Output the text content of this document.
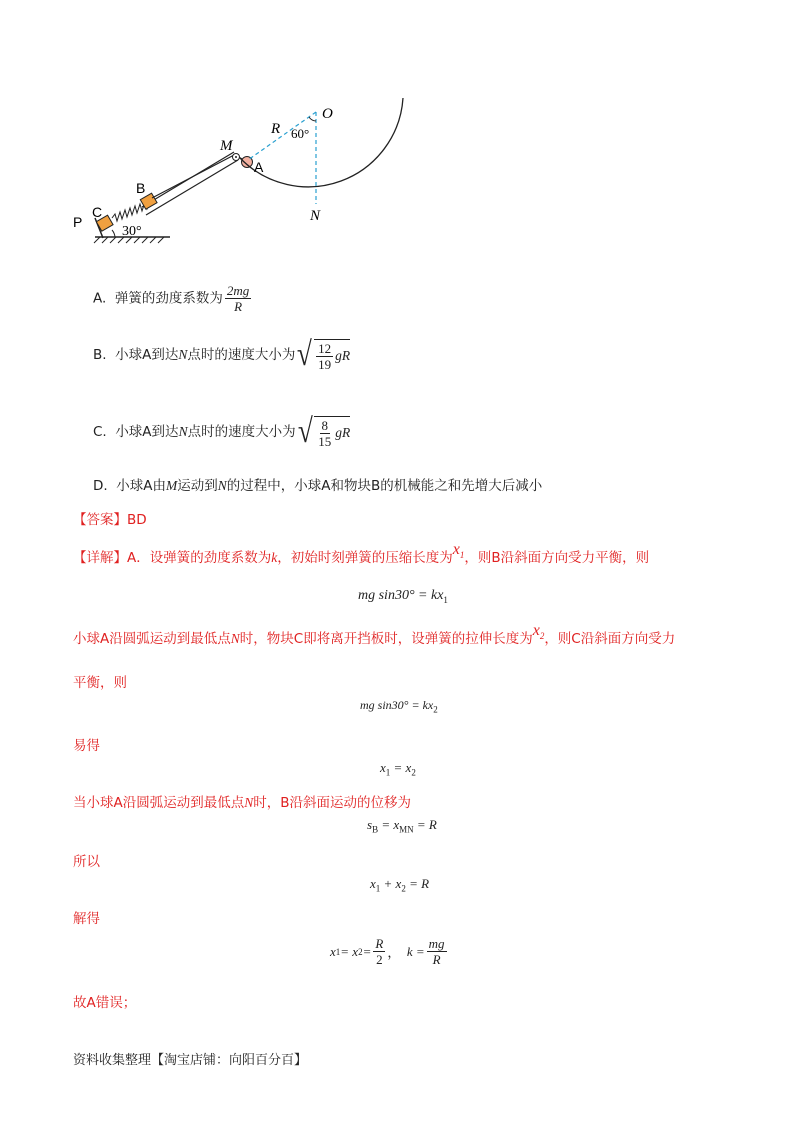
O
R 60°
M
A
B
C
P	N
30°
A. 弹簧的劲度系数为 $\frac{2mg}{R}$
B. 小球A到达N点时的速度大小为 √ $\frac{12}{19}$ gR
C. 小球A到达N点时的速度大小为 √ $\frac{8}{15}$ gR
D. 小球A由M运动到N的过程中，小球A和物块B的机械能之和先增大后减小
【答案】BD
【详解】A．设弹簧的劲度系数为k，初始时刻弹簧的压缩长度为$x_1$，则B沿斜面方向受力平衡，则
mg $\sin 30^\circ = kx_1$
小球A沿圆弧运动到最低点N时，物块C即将离开挡板时，设弹簧的拉伸长度为$x_2$，则C沿斜面方向受力
平衡，则
mg $\sin 30^\circ = kx_2$
易得
$x_1 = x_2$
当小球A沿圆弧运动到最低点N时，B沿斜面运动的位移为
$s_B = x_{MN} = R$
所以
$x_1 + x_2 = R$
解得
x 1 = x $2 = \frac{R}{2}$ ，
$k = \frac{mg}{R}$
故A错误；
资料收集整理【淘宝店铺：向阳百分百】
